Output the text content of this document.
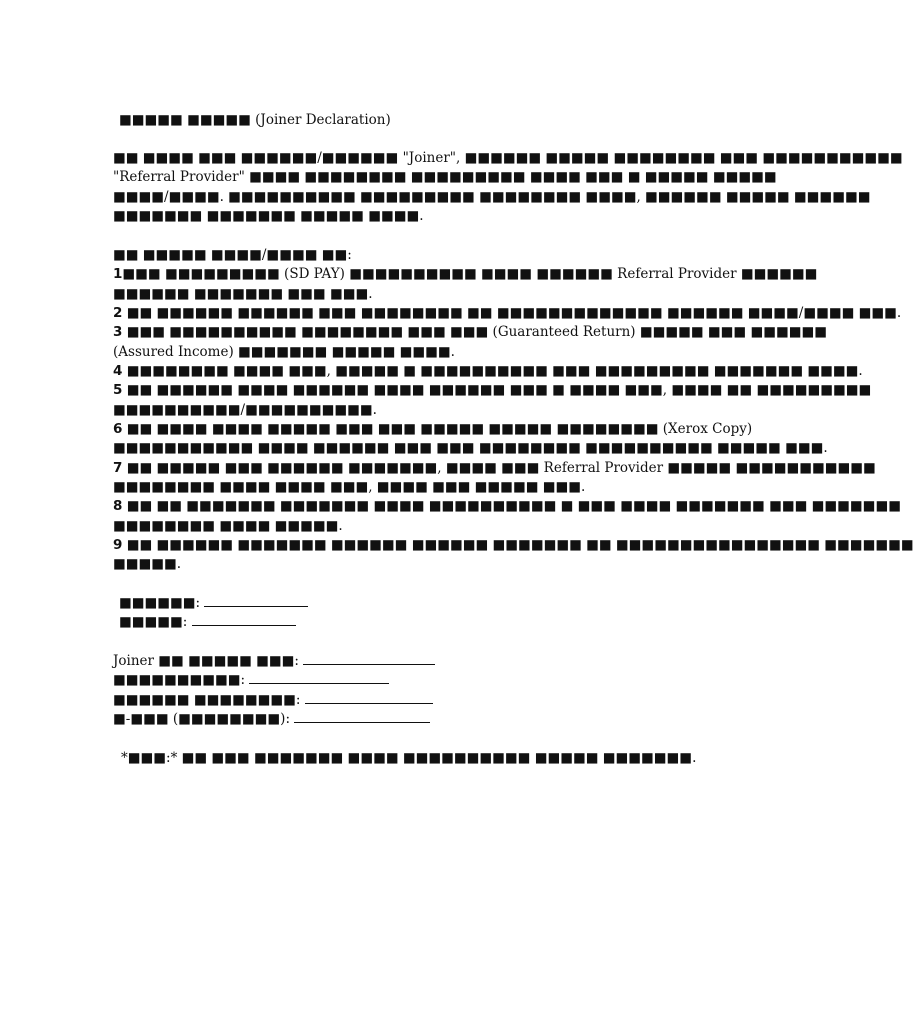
■■■■■ ■■■■■ (Joiner Declaration)
■■ ■■■■ ■■■ ■■■■■■/■■■■■■ "Joiner", ■■■■■■ ■■■■■ ■■■■■■■■ ■■■ ■■■■■■■■■■■
"Referral Provider" ■■■■ ■■■■■■■■ ■■■■■■■■■ ■■■■ ■■■ ■ ■■■■■ ■■■■■
■■■■/■■■■. ■■■■■■■■■■ ■■■■■■■■■ ■■■■■■■■ ■■■■, ■■■■■■ ■■■■■ ■■■■■■
■■■■■■■ ■■■■■■■ ■■■■■ ■■■■.
■■ ■■■■■ ■■■■/■■■■ ■■:
1■■■ ■■■■■■■■■ (SD PAY) ■■■■■■■■■■ ■■■■ ■■■■■■ Referral Provider ■■■■■■
■■■■■■ ■■■■■■■ ■■■ ■■■.
2 ■■ ■■■■■■ ■■■■■■ ■■■ ■■■■■■■■ ■■ ■■■■■■■■■■■■■ ■■■■■■ ■■■■/■■■■ ■■■.
3 ■■■ ■■■■■■■■■■ ■■■■■■■■ ■■■ ■■■ (Guaranteed Return) ■■■■■ ■■■ ■■■■■■
(Assured Income) ■■■■■■■ ■■■■■ ■■■■.
4 ■■■■■■■■ ■■■■ ■■■, ■■■■■ ■ ■■■■■■■■■■ ■■■ ■■■■■■■■■ ■■■■■■■ ■■■■.
5 ■■ ■■■■■■ ■■■■ ■■■■■■ ■■■■ ■■■■■■ ■■■ ■ ■■■■ ■■■, ■■■■ ■■ ■■■■■■■■■
■■■■■■■■■■/■■■■■■■■■■.
6 ■■ ■■■■ ■■■■ ■■■■■ ■■■ ■■■ ■■■■■ ■■■■■ ■■■■■■■■ (Xerox Copy)
■■■■■■■■■■■ ■■■■ ■■■■■■ ■■■ ■■■ ■■■■■■■■ ■■■■■■■■■■ ■■■■■ ■■■.
7 ■■ ■■■■■ ■■■ ■■■■■■ ■■■■■■■, ■■■■ ■■■ Referral Provider ■■■■■ ■■■■■■■■■■■
■■■■■■■■ ■■■■ ■■■■ ■■■, ■■■■ ■■■ ■■■■■ ■■■.
8 ■■ ■■ ■■■■■■■ ■■■■■■■ ■■■■ ■■■■■■■■■■ ■ ■■■ ■■■■ ■■■■■■■ ■■■ ■■■■■■■
■■■■■■■■ ■■■■ ■■■■■.
9 ■■ ■■■■■■ ■■■■■■■ ■■■■■■ ■■■■■■ ■■■■■■■ ■■ ■■■■■■■■■■■■■■■■ ■■■■■■■
■■■■■.
■■■■■■:
■■■■■:
Joiner ■■ ■■■■■ ■■■:
■■■■■■■■■■:
■■■■■■ ■■■■■■■■:
■-■■■ (■■■■■■■■):
*■■■:* ■■ ■■■ ■■■■■■■ ■■■■ ■■■■■■■■■■ ■■■■■ ■■■■■■■.
